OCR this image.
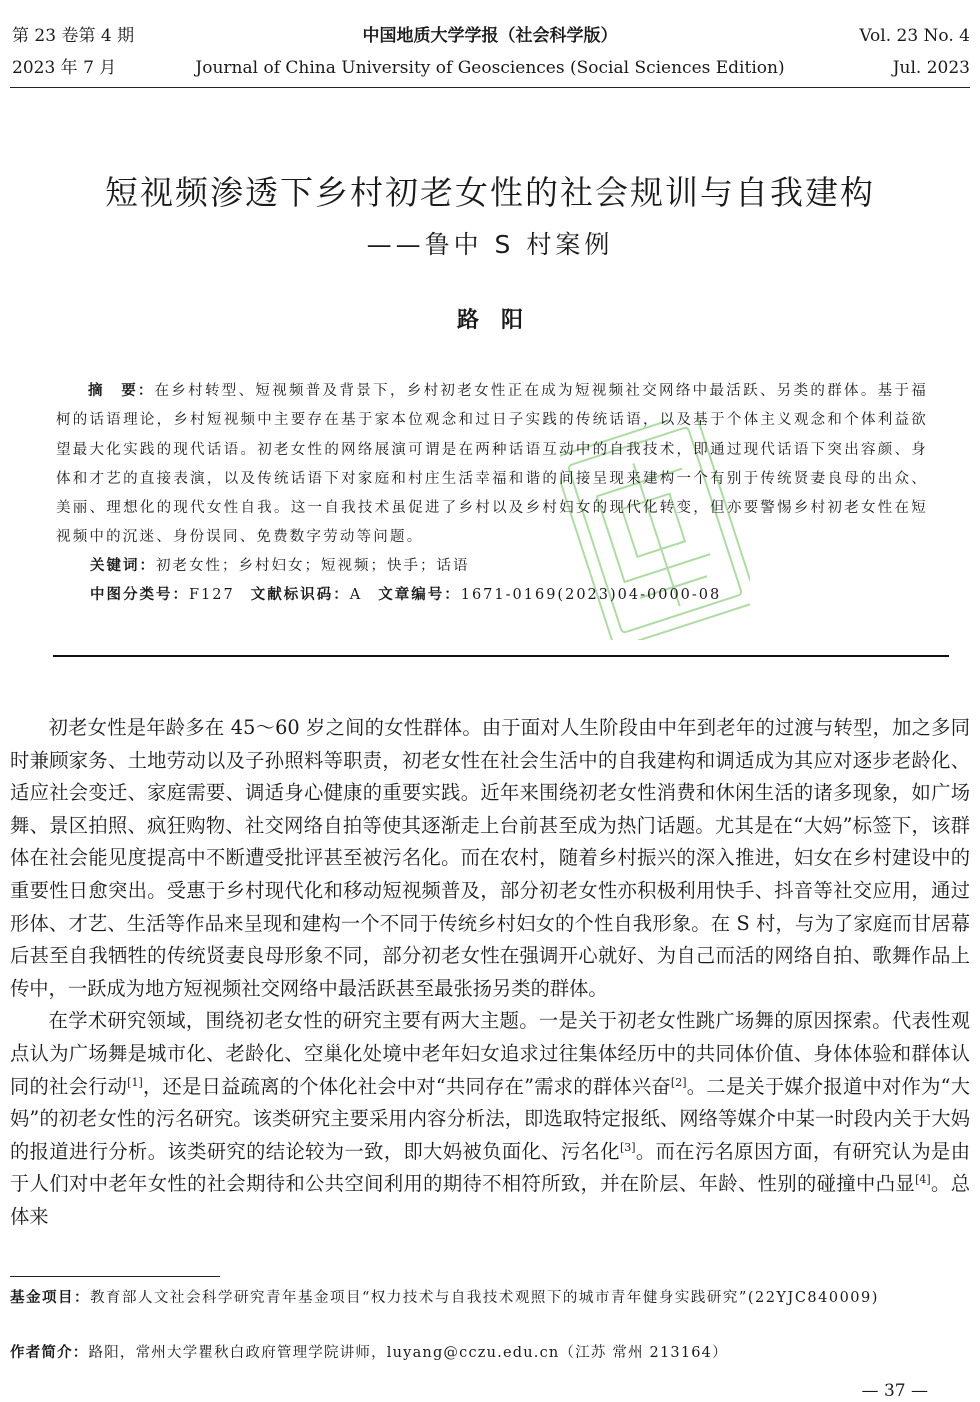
第 23 卷第 4 期
2023 年 7 月
中国地质大学学报（社会科学版）
Journal of China University of Geosciences (Social Sciences Edition)
Vol. 23 No. 4
Jul. 2023
短视频渗透下乡村初老女性的社会规训与自我建构
——鲁中 S 村案例
路阳
摘　要：在乡村转型、短视频普及背景下，乡村初老女性正在成为短视频社交网络中最活跃、另类的群体。基于福柯的话语理论，乡村短视频中主要存在基于家本位观念和过日子实践的传统话语，以及基于个体主义观念和个体利益欲望最大化实践的现代话语。初老女性的网络展演可谓是在两种话语互动中的自我技术，即通过现代话语下突出容颜、身体和才艺的直接表演，以及传统话语下对家庭和村庄生活幸福和谐的间接呈现来建构一个有别于传统贤妻良母的出众、美丽、理想化的现代女性自我。这一自我技术虽促进了乡村以及乡村妇女的现代化转变，但亦要警惕乡村初老女性在短视频中的沉迷、身份误同、免费数字劳动等问题。
关键词：初老女性；乡村妇女；短视频；快手；话语
中图分类号：F127 文献标识码：A 文章编号：1671-0169(2023)04-0000-08

初老女性是年龄多在 45～60 岁之间的女性群体。由于面对人生阶段由中年到老年的过渡与转型，加之多同时兼顾家务、土地劳动以及子孙照料等职责，初老女性在社会生活中的自我建构和调适成为其应对逐步老龄化、适应社会变迁、家庭需要、调适身心健康的重要实践。近年来围绕初老女性消费和休闲生活的诸多现象，如广场舞、景区拍照、疯狂购物、社交网络自拍等使其逐渐走上台前甚至成为热门话题。尤其是在“大妈”标签下，该群体在社会能见度提高中不断遭受批评甚至被污名化。而在农村，随着乡村振兴的深入推进，妇女在乡村建设中的重要性日愈突出。受惠于乡村现代化和移动短视频普及，部分初老女性亦积极利用快手、抖音等社交应用，通过形体、才艺、生活等作品来呈现和建构一个不同于传统乡村妇女的个性自我形象。在 S 村，与为了家庭而甘居幕后甚至自我牺牲的传统贤妻良母形象不同，部分初老女性在强调开心就好、为自己而活的网络自拍、歌舞作品上传中，一跃成为地方短视频社交网络中最活跃甚至最张扬另类的群体。

在学术研究领域，围绕初老女性的研究主要有两大主题。一是关于初老女性跳广场舞的原因探索。代表性观点认为广场舞是城市化、老龄化、空巢化处境中老年妇女追求过往集体经历中的共同体价值、身体体验和群体认同的社会行动[1]，还是日益疏离的个体化社会中对“共同存在”需求的群体兴奋[2]。二是关于媒介报道中对作为“大妈”的初老女性的污名研究。该类研究主要采用内容分析法，即选取特定报纸、网络等媒介中某一时段内关于大妈的报道进行分析。该类研究的结论较为一致，即大妈被负面化、污名化[3]。而在污名原因方面，有研究认为是由于人们对中老年女性的社会期待和公共空间利用的期待不相符所致，并在阶层、年龄、性别的碰撞中凸显[4]。总体来

基金项目：教育部人文社会科学研究青年基金项目“权力技术与自我技术观照下的城市青年健身实践研究”(22YJC840009)
作者简介：路阳，常州大学瞿秋白政府管理学院讲师，luyang@cczu.edu.cn（江苏 常州 213164）
— 37 —
